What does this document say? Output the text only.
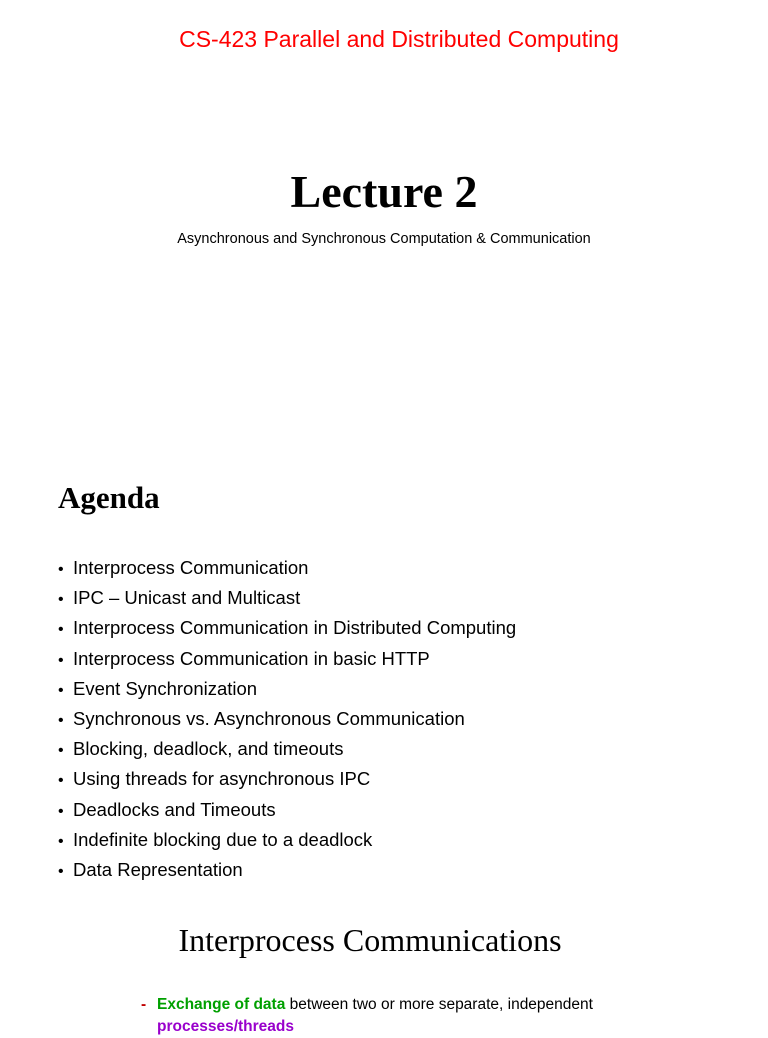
CS-423 Parallel and Distributed Computing
Lecture 2
Asynchronous and Synchronous Computation & Communication
Agenda
• Interprocess Communication
• IPC – Unicast and Multicast
• Interprocess Communication in Distributed Computing
• Interprocess Communication in basic HTTP
• Event Synchronization
• Synchronous vs. Asynchronous Communication
• Blocking, deadlock, and timeouts
• Using threads for asynchronous IPC
• Deadlocks and Timeouts
• Indefinite blocking due to a deadlock
• Data Representation
Interprocess Communications
- Exchange of data between two or more separate, independent
processes/threads
